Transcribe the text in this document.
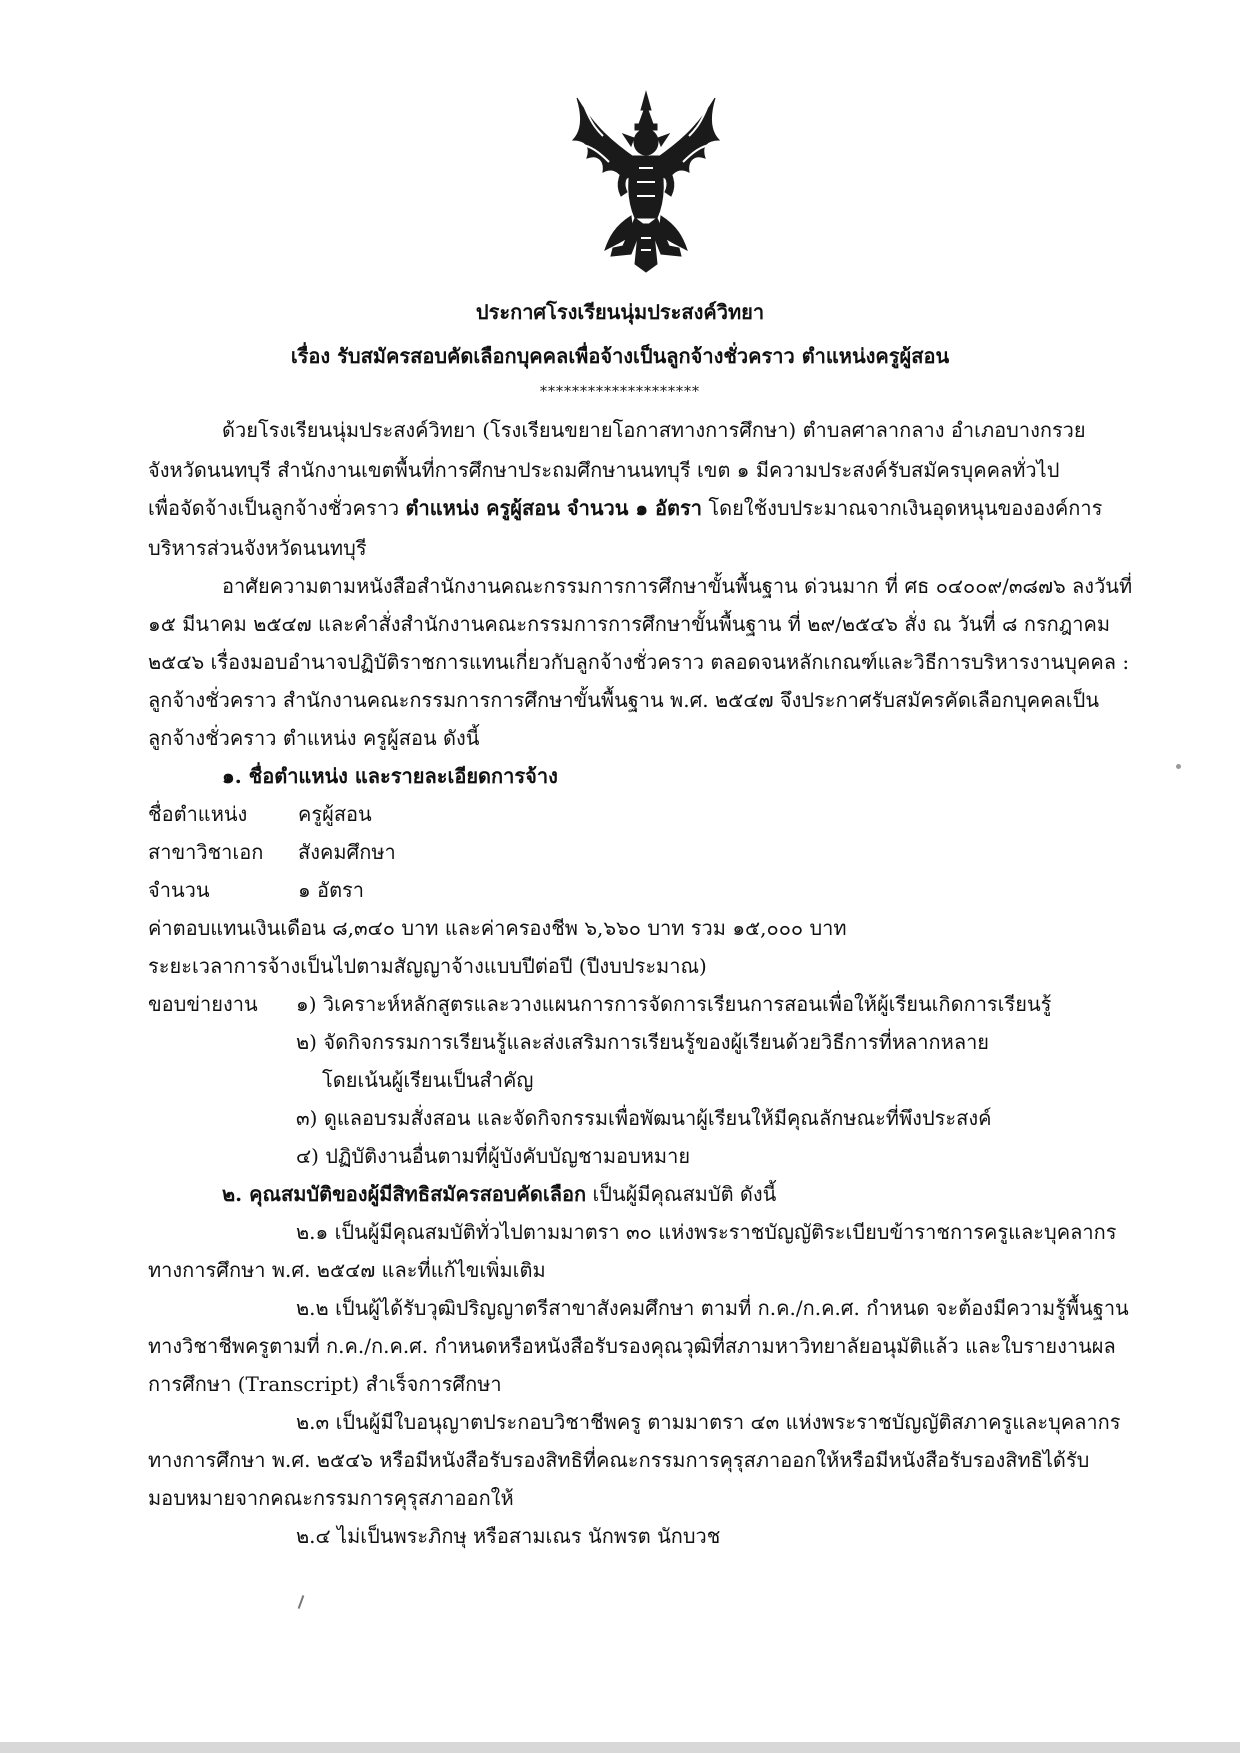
ประกาศโรงเรียนนุ่มประสงค์วิทยา
เรื่อง รับสมัครสอบคัดเลือกบุคคลเพื่อจ้างเป็นลูกจ้างชั่วคราว ตำแหน่งครูผู้สอน
********************
ด้วยโรงเรียนนุ่มประสงค์วิทยา (โรงเรียนขยายโอกาสทางการศึกษา) ตำบลศาลากลาง อำเภอบางกรวย
จังหวัดนนทบุรี สำนักงานเขตพื้นที่การศึกษาประถมศึกษานนทบุรี เขต ๑ มีความประสงค์รับสมัครบุคคลทั่วไป
เพื่อจัดจ้างเป็นลูกจ้างชั่วคราว ตำแหน่ง ครูผู้สอน จำนวน ๑ อัตรา โดยใช้งบประมาณจากเงินอุดหนุนขององค์การ
บริหารส่วนจังหวัดนนทบุรี
อาศัยความตามหนังสือสำนักงานคณะกรรมการการศึกษาขั้นพื้นฐาน ด่วนมาก ที่ ศธ ๐๔๐๐๙/๓๘๗๖ ลงวันที่
๑๕ มีนาคม ๒๕๔๗ และคำสั่งสำนักงานคณะกรรมการการศึกษาขั้นพื้นฐาน ที่ ๒๙/๒๕๔๖ สั่ง ณ วันที่ ๘ กรกฎาคม
๒๕๔๖ เรื่องมอบอำนาจปฏิบัติราชการแทนเกี่ยวกับลูกจ้างชั่วคราว ตลอดจนหลักเกณฑ์และวิธีการบริหารงานบุคคล :
ลูกจ้างชั่วคราว สำนักงานคณะกรรมการการศึกษาขั้นพื้นฐาน พ.ศ. ๒๕๔๗ จึงประกาศรับสมัครคัดเลือกบุคคลเป็น
ลูกจ้างชั่วคราว ตำแหน่ง ครูผู้สอน ดังนี้
๑. ชื่อตำแหน่ง และรายละเอียดการจ้าง
ชื่อตำแหน่ง	ครูผู้สอน
สาขาวิชาเอก สังคมศึกษา
จำนวน	๑ อัตรา
ค่าตอบแทนเงินเดือน ๘,๓๔๐ บาท และค่าครองชีพ ๖,๖๖๐ บาท รวม ๑๕,๐๐๐ บาท
ระยะเวลาการจ้างเป็นไปตามสัญญาจ้างแบบปีต่อปี (ปีงบประมาณ)
ขอบข่ายงาน ๑) วิเคราะห์หลักสูตรและวางแผนการการจัดการเรียนการสอนเพื่อให้ผู้เรียนเกิดการเรียนรู้
๒) จัดกิจกรรมการเรียนรู้และส่งเสริมการเรียนรู้ของผู้เรียนด้วยวิธีการที่หลากหลาย
โดยเน้นผู้เรียนเป็นสำคัญ
๓) ดูแลอบรมสั่งสอน และจัดกิจกรรมเพื่อพัฒนาผู้เรียนให้มีคุณลักษณะที่พึงประสงค์
๔) ปฏิบัติงานอื่นตามที่ผู้บังคับบัญชามอบหมาย
๒. คุณสมบัติของผู้มีสิทธิสมัครสอบคัดเลือก เป็นผู้มีคุณสมบัติ ดังนี้
๒.๑ เป็นผู้มีคุณสมบัติทั่วไปตามมาตรา ๓๐ แห่งพระราชบัญญัติระเบียบข้าราชการครูและบุคลากร
ทางการศึกษา พ.ศ. ๒๕๔๗ และที่แก้ไขเพิ่มเติม
๒.๒ เป็นผู้ได้รับวุฒิปริญญาตรีสาขาสังคมศึกษา ตามที่ ก.ค./ก.ค.ศ. กำหนด จะต้องมีความรู้พื้นฐาน
ทางวิชาชีพครูตามที่ ก.ค./ก.ค.ศ. กำหนดหรือหนังสือรับรองคุณวุฒิที่สภามหาวิทยาลัยอนุมัติแล้ว และใบรายงานผล
การศึกษา (Transcript) สำเร็จการศึกษา
๒.๓ เป็นผู้มีใบอนุญาตประกอบวิชาชีพครู ตามมาตรา ๔๓ แห่งพระราชบัญญัติสภาครูและบุคลากร
ทางการศึกษา พ.ศ. ๒๕๔๖ หรือมีหนังสือรับรองสิทธิที่คณะกรรมการคุรุสภาออกให้หรือมีหนังสือรับรองสิทธิได้รับ
มอบหมายจากคณะกรรมการคุรุสภาออกให้
๒.๔ ไม่เป็นพระภิกษุ หรือสามเณร นักพรต นักบวช
